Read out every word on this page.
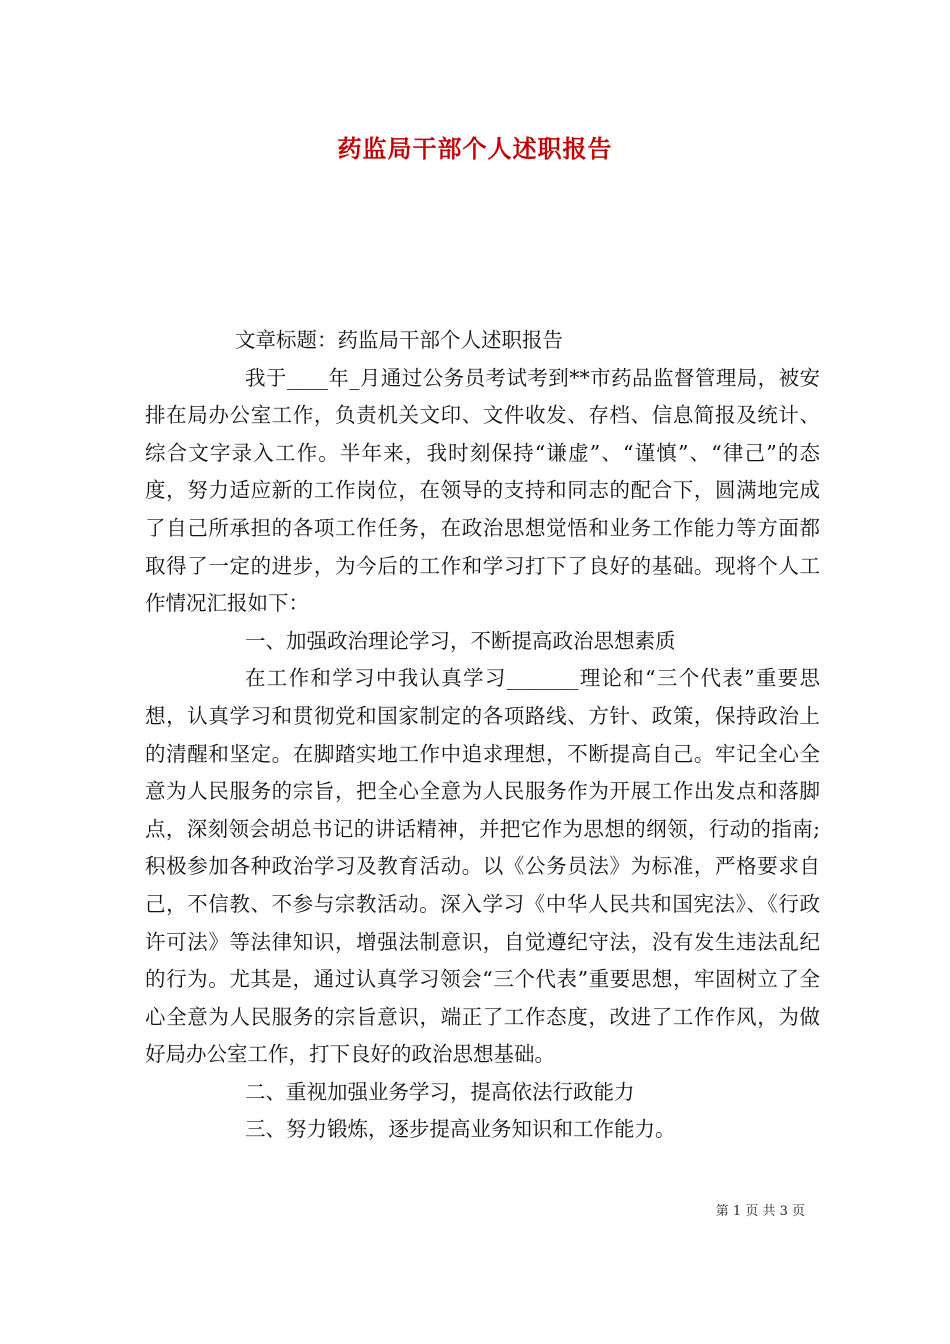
药监局干部个人述职报告

文章标题：药监局干部个人述职报告

我于____年_月通过公务员考试考到**市药品监督管理局，被安排在局办公室工作，负责机关文印、文件收发、存档、信息简报及统计、综合文字录入工作。半年来，我时刻保持“谦虚”、“谨慎”、“律己”的态度，努力适应新的工作岗位，在领导的支持和同志的配合下，圆满地完成了自己所承担的各项工作任务，在政治思想觉悟和业务工作能力等方面都取得了一定的进步，为今后的工作和学习打下了良好的基础。现将个人工作情况汇报如下：

一、加强政治理论学习，不断提高政治思想素质

在工作和学习中我认真学习_______理论和“三个代表”重要思想，认真学习和贯彻党和国家制定的各项路线、方针、政策，保持政治上的清醒和坚定。在脚踏实地工作中追求理想，不断提高自己。牢记全心全意为人民服务的宗旨，把全心全意为人民服务作为开展工作出发点和落脚点，深刻领会胡总书记的讲话精神，并把它作为思想的纲领，行动的指南;积极参加各种政治学习及教育活动。以《公务员法》为标准，严格要求自己，不信教、不参与宗教活动。深入学习《中华人民共和国宪法》、《行政许可法》等法律知识，增强法制意识，自觉遵纪守法，没有发生违法乱纪的行为。尤其是，通过认真学习领会“三个代表”重要思想，牢固树立了全心全意为人民服务的宗旨意识，端正了工作态度，改进了工作作风，为做好局办公室工作，打下良好的政治思想基础。

二、重视加强业务学习，提高依法行政能力

三、努力锻炼，逐步提高业务知识和工作能力。

第 1 页 共 3 页
